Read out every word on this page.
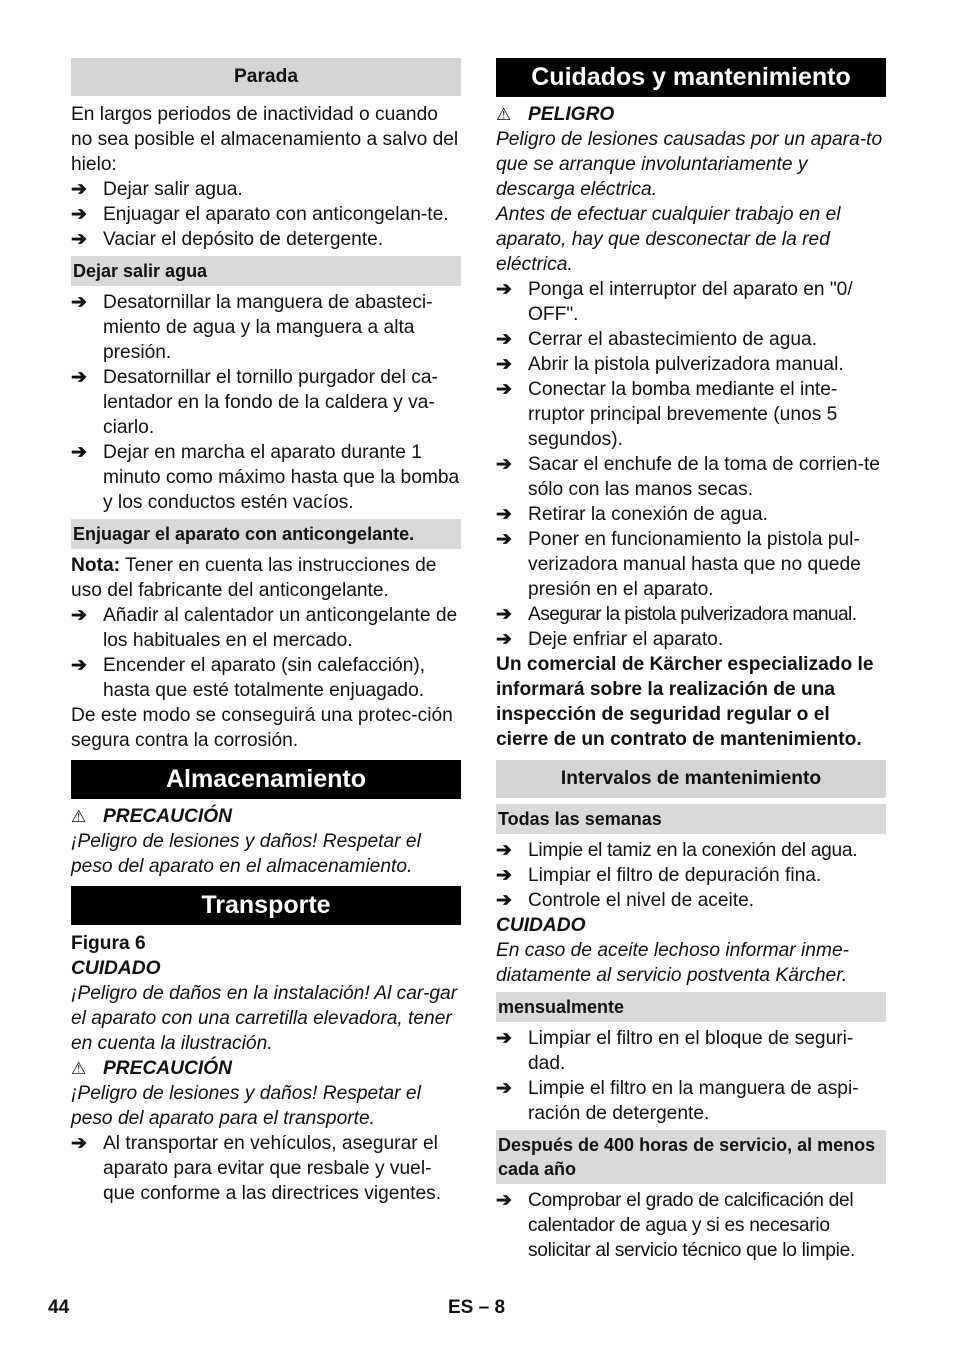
Parada

En largos periodos de inactividad o cuando no sea posible el almacenamiento a salvo del hielo:

➔ Dejar salir agua.
➔ Enjuagar el aparato con anticongelan-te.
➔ Vaciar el depósito de detergente.
Dejar salir agua
➔ Desatornillar la manguera de abasteci-miento de agua y la manguera a alta presión.
➔ Desatornillar el tornillo purgador del ca-lentador en la fondo de la caldera y va-ciarlo.
➔ Dejar en marcha el aparato durante 1 minuto como máximo hasta que la bomba y los conductos estén vacíos.
Enjuagar el aparato con anticongelante.

Nota: Tener en cuenta las instrucciones de uso del fabricante del anticongelante.

➔ Añadir al calentador un anticongelante de los habituales en el mercado.
➔ Encender el aparato (sin calefacción), hasta que esté totalmente enjuagado.

De este modo se conseguirá una protec-ción segura contra la corrosión.

Almacenamiento
⚠ PRECAUCIÓN

¡Peligro de lesiones y daños! Respetar el peso del aparato en el almacenamiento.

Transporte

Figura 6

CUIDADO

¡Peligro de daños en la instalación! Al car-gar el aparato con una carretilla elevadora, tener en cuenta la ilustración.

⚠ PRECAUCIÓN

¡Peligro de lesiones y daños! Respetar el peso del aparato para el transporte.

➔ Al transportar en vehículos, asegurar el aparato para evitar que resbale y vuel-que conforme a las directrices vigentes.
Cuidados y mantenimiento
⚠ PELIGRO

Peligro de lesiones causadas por un apara-to que se arranque involuntariamente y descarga eléctrica.

Antes de efectuar cualquier trabajo en el aparato, hay que desconectar de la red eléctrica.

➔ Ponga el interruptor del aparato en "0/ OFF".
➔ Cerrar el abastecimiento de agua.
➔ Abrir la pistola pulverizadora manual.
➔ Conectar la bomba mediante el inte-rruptor principal brevemente (unos 5 segundos).
➔ Sacar el enchufe de la toma de corrien-te sólo con las manos secas.
➔ Retirar la conexión de agua.
➔ Poner en funcionamiento la pistola pul-verizadora manual hasta que no quede presión en el aparato.
➔ Asegurar la pistola pulverizadora manual.
➔ Deje enfriar el aparato.

Un comercial de Kärcher especializado le informará sobre la realización de una inspección de seguridad regular o el cierre de un contrato de mantenimiento.

Intervalos de mantenimiento
Todas las semanas
➔ Limpie el tamiz en la conexión del agua.
➔ Limpiar el filtro de depuración fina.
➔ Controle el nivel de aceite.

CUIDADO

En caso de aceite lechoso informar inme-diatamente al servicio postventa Kärcher.

mensualmente
➔ Limpiar el filtro en el bloque de seguri-dad.
➔ Limpie el filtro en la manguera de aspi-ración de detergente.
Después de 400 horas de servicio, al menos cada año
➔ Comprobar el grado de calcificación del calentador de agua y si es necesario solicitar al servicio técnico que lo limpie.
44	ES – 8
